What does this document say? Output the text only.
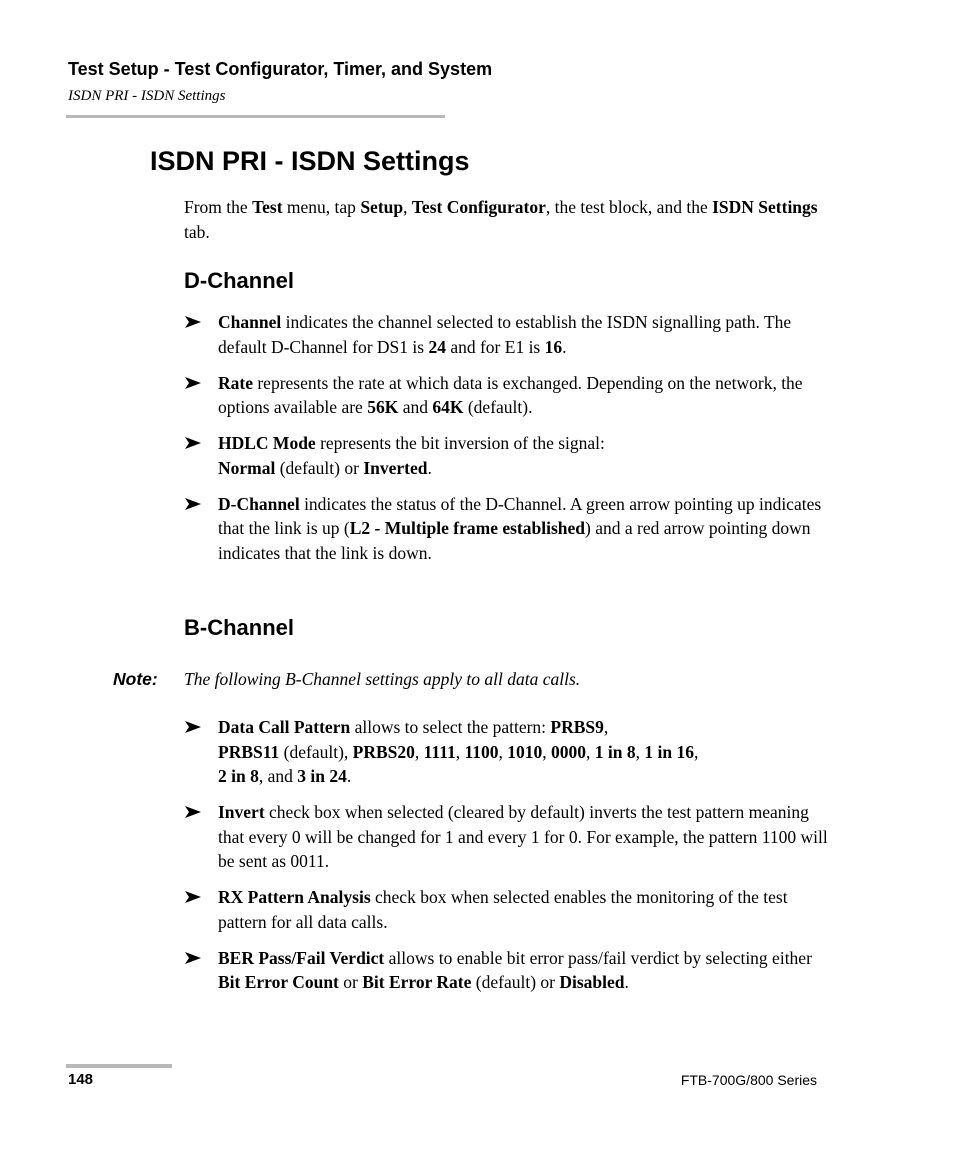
Test Setup - Test Configurator, Timer, and System
ISDN PRI - ISDN Settings
ISDN PRI - ISDN Settings

From the Test menu, tap Setup, Test Configurator, the test block, and the ISDN Settings tab.

D-Channel
Channel indicates the channel selected to establish the ISDN signalling path. The default D-Channel for DS1 is 24 and for E1 is 16.
Rate represents the rate at which data is exchanged. Depending on the network, the options available are 56K and 64K (default).
HDLC Mode represents the bit inversion of the signal:
Normal (default) or Inverted.
D-Channel indicates the status of the D-Channel. A green arrow pointing up indicates that the link is up (L2 - Multiple frame established) and a red arrow pointing down indicates that the link is down.
B-Channel
Note: The following B-Channel settings apply to all data calls.
Data Call Pattern allows to select the pattern: PRBS9,
PRBS11 (default), PRBS20, 1111, 1100, 1010, 0000, 1 in 8, 1 in 16,
2 in 8, and 3 in 24.
Invert check box when selected (cleared by default) inverts the test pattern meaning that every 0 will be changed for 1 and every 1 for 0. For example, the pattern 1100 will be sent as 0011.
RX Pattern Analysis check box when selected enables the monitoring of the test pattern for all data calls.
BER Pass/Fail Verdict allows to enable bit error pass/fail verdict by selecting either Bit Error Count or Bit Error Rate (default) or Disabled.
148	FTB-700G/800 Series
